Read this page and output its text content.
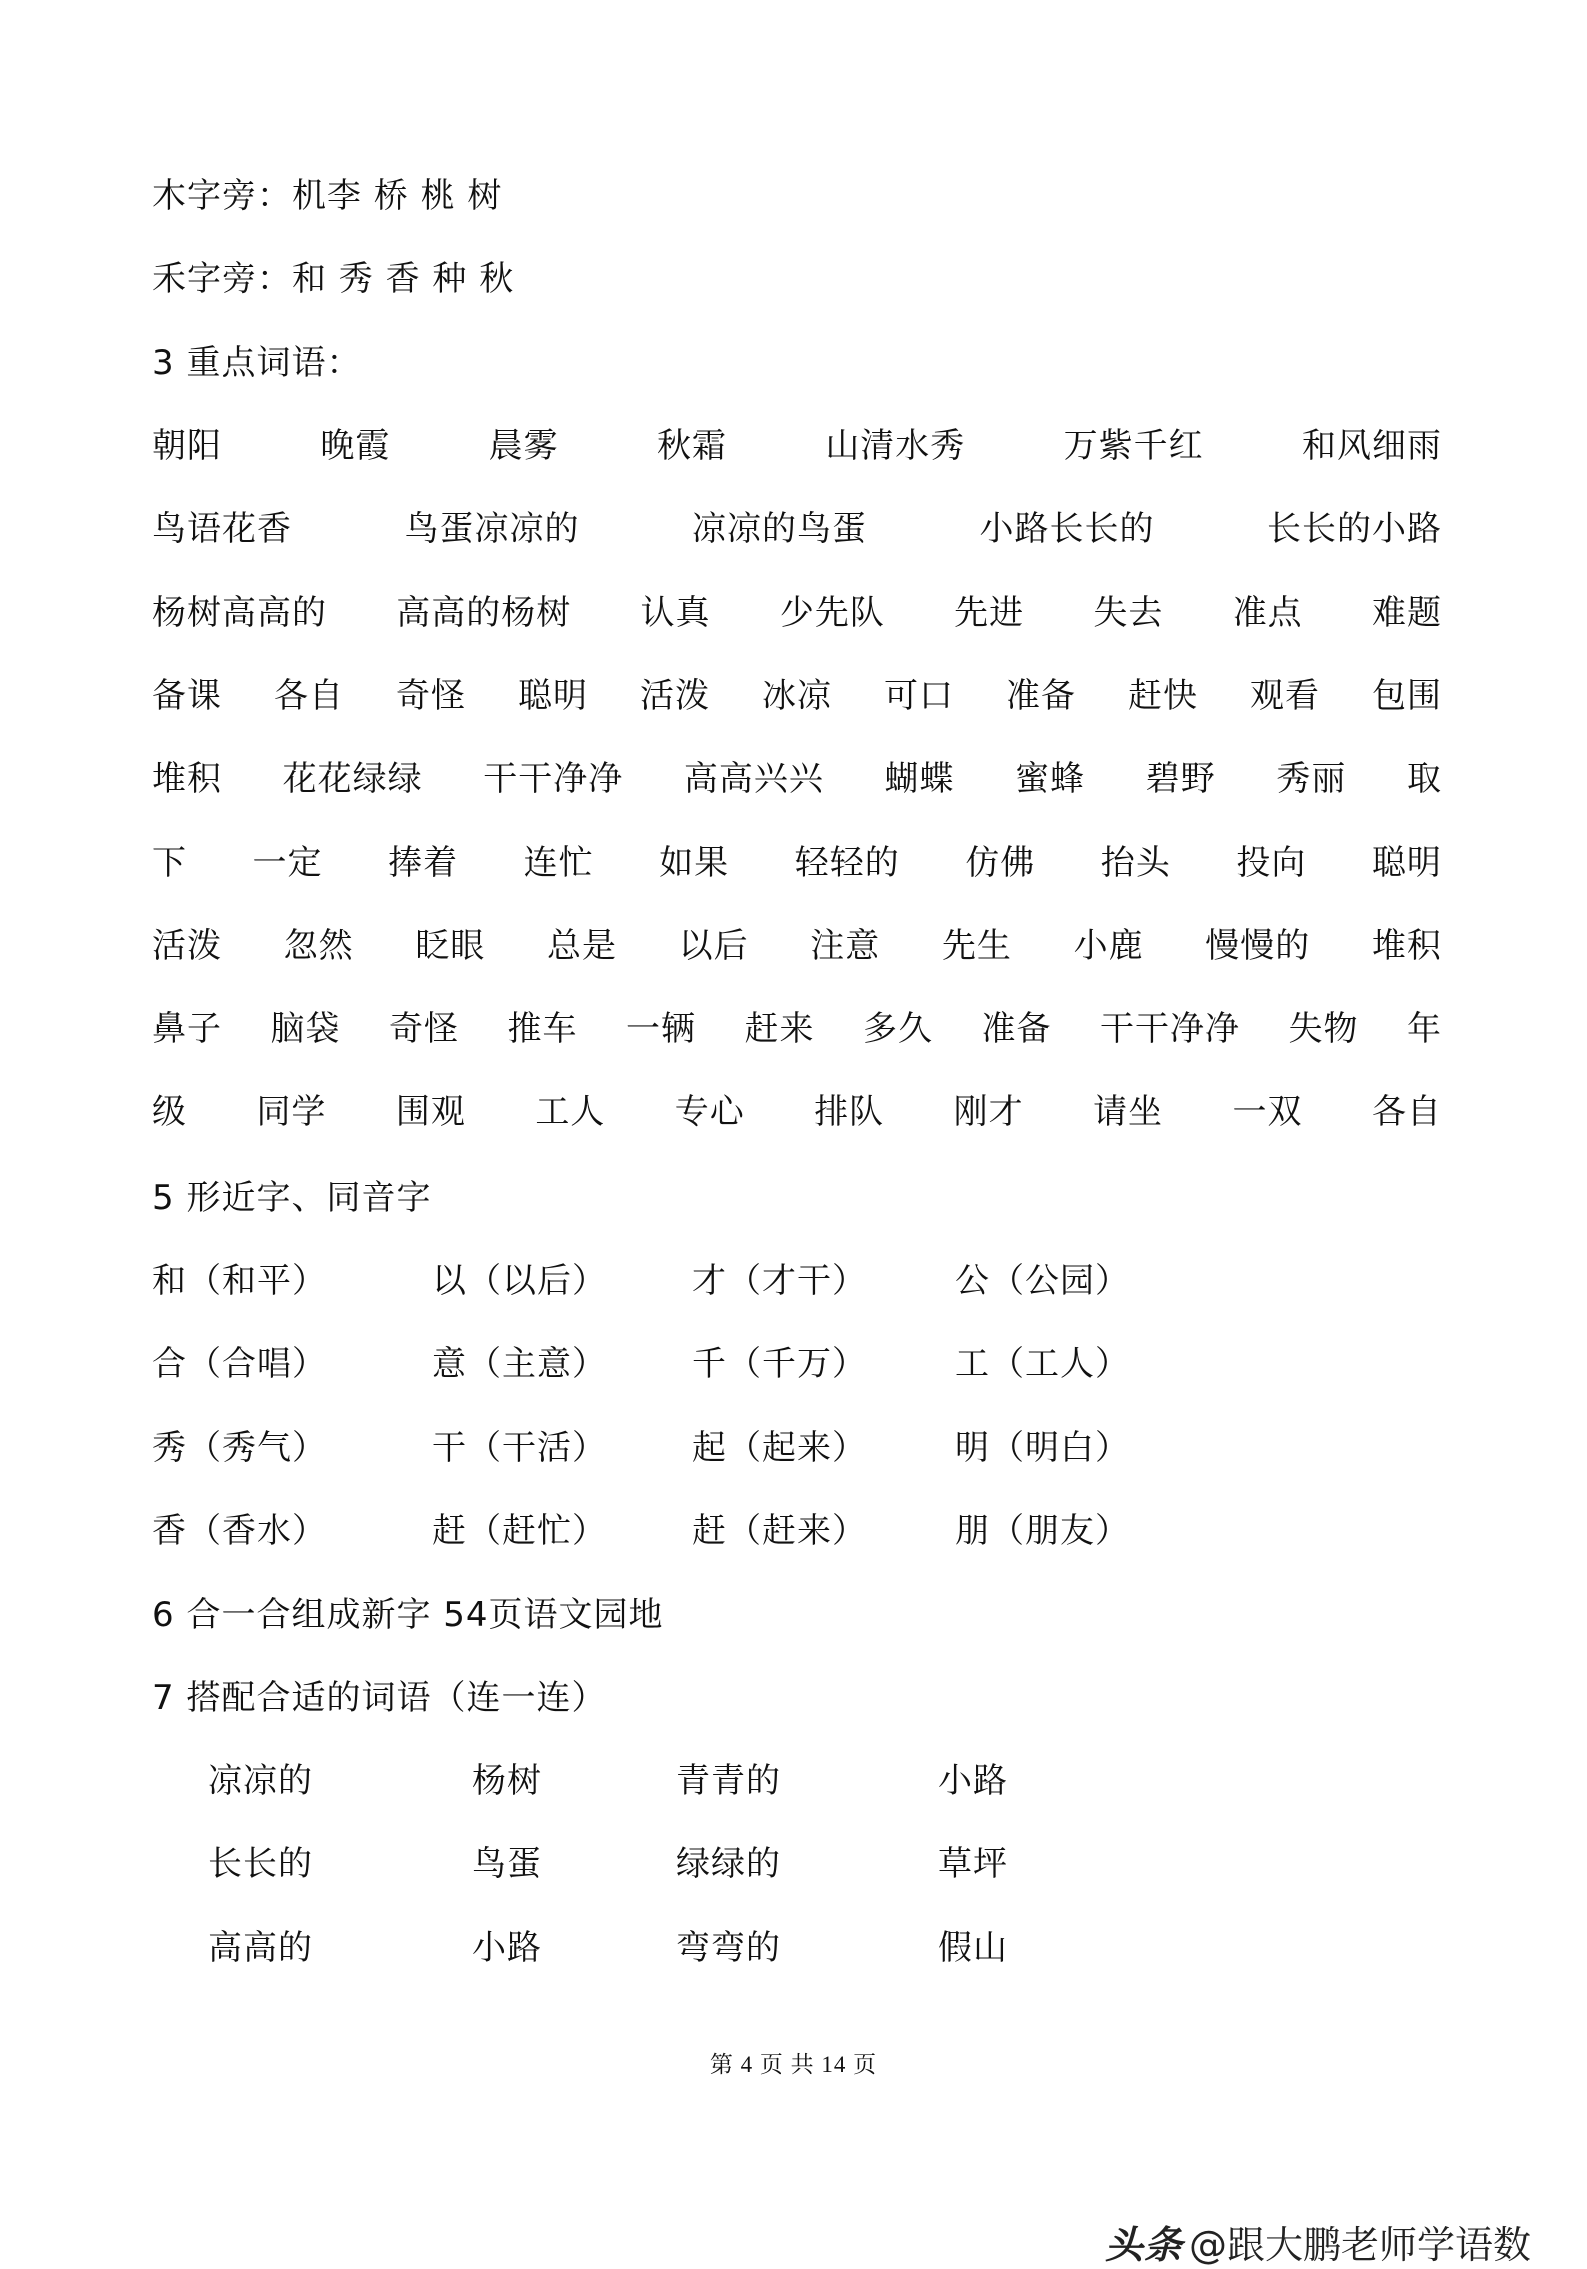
木字旁：机李 桥 桃 树
禾字旁：和 秀 香 种 秋
3 重点词语：
朝阳	晚霞	晨雾	秋霜	山清水秀	万紫千红	和风细雨
鸟语花香	鸟蛋凉凉的	凉凉的鸟蛋	小路长长的	长长的小路
杨树高高的 高高的杨树 认真 少先队 先进 失去 准点 难题
备课 各自 奇怪 聪明 活泼 冰凉 可口 准备 赶快 观看 包围
堆积 花花绿绿 干干净净 高高兴兴 蝴蝶 蜜蜂 碧野 秀丽 取
下 一定 捧着 连忙 如果 轻轻的 仿佛 抬头 投向 聪明
活泼 忽然 眨眼 总是 以后 注意 先生 小鹿 慢慢的 堆积
鼻子 脑袋 奇怪 推车 一辆 赶来 多久 准备 干干净净 失物 年
级 同学 围观 工人 专心 排队 刚才 请坐 一双 各自
5 形近字、同音字
和（和平）	以（以后）	才（才干）	公（公园）
合（合唱）	意（主意）	千（千万）	工（工人）
秀（秀气）	干（干活）	起（起来）	明（明白）
香（香水）	赶（赶忙）	赶（赶来）	朋（朋友）
6 合一合组成新字 54页语文园地
7 搭配合适的词语（连一连）
凉凉的	杨树	青青的	小路
长长的	鸟蛋	绿绿的	草坪
高高的	小路	弯弯的	假山
第 4 页 共 14 页
头条 @跟大鹏老师学语数
